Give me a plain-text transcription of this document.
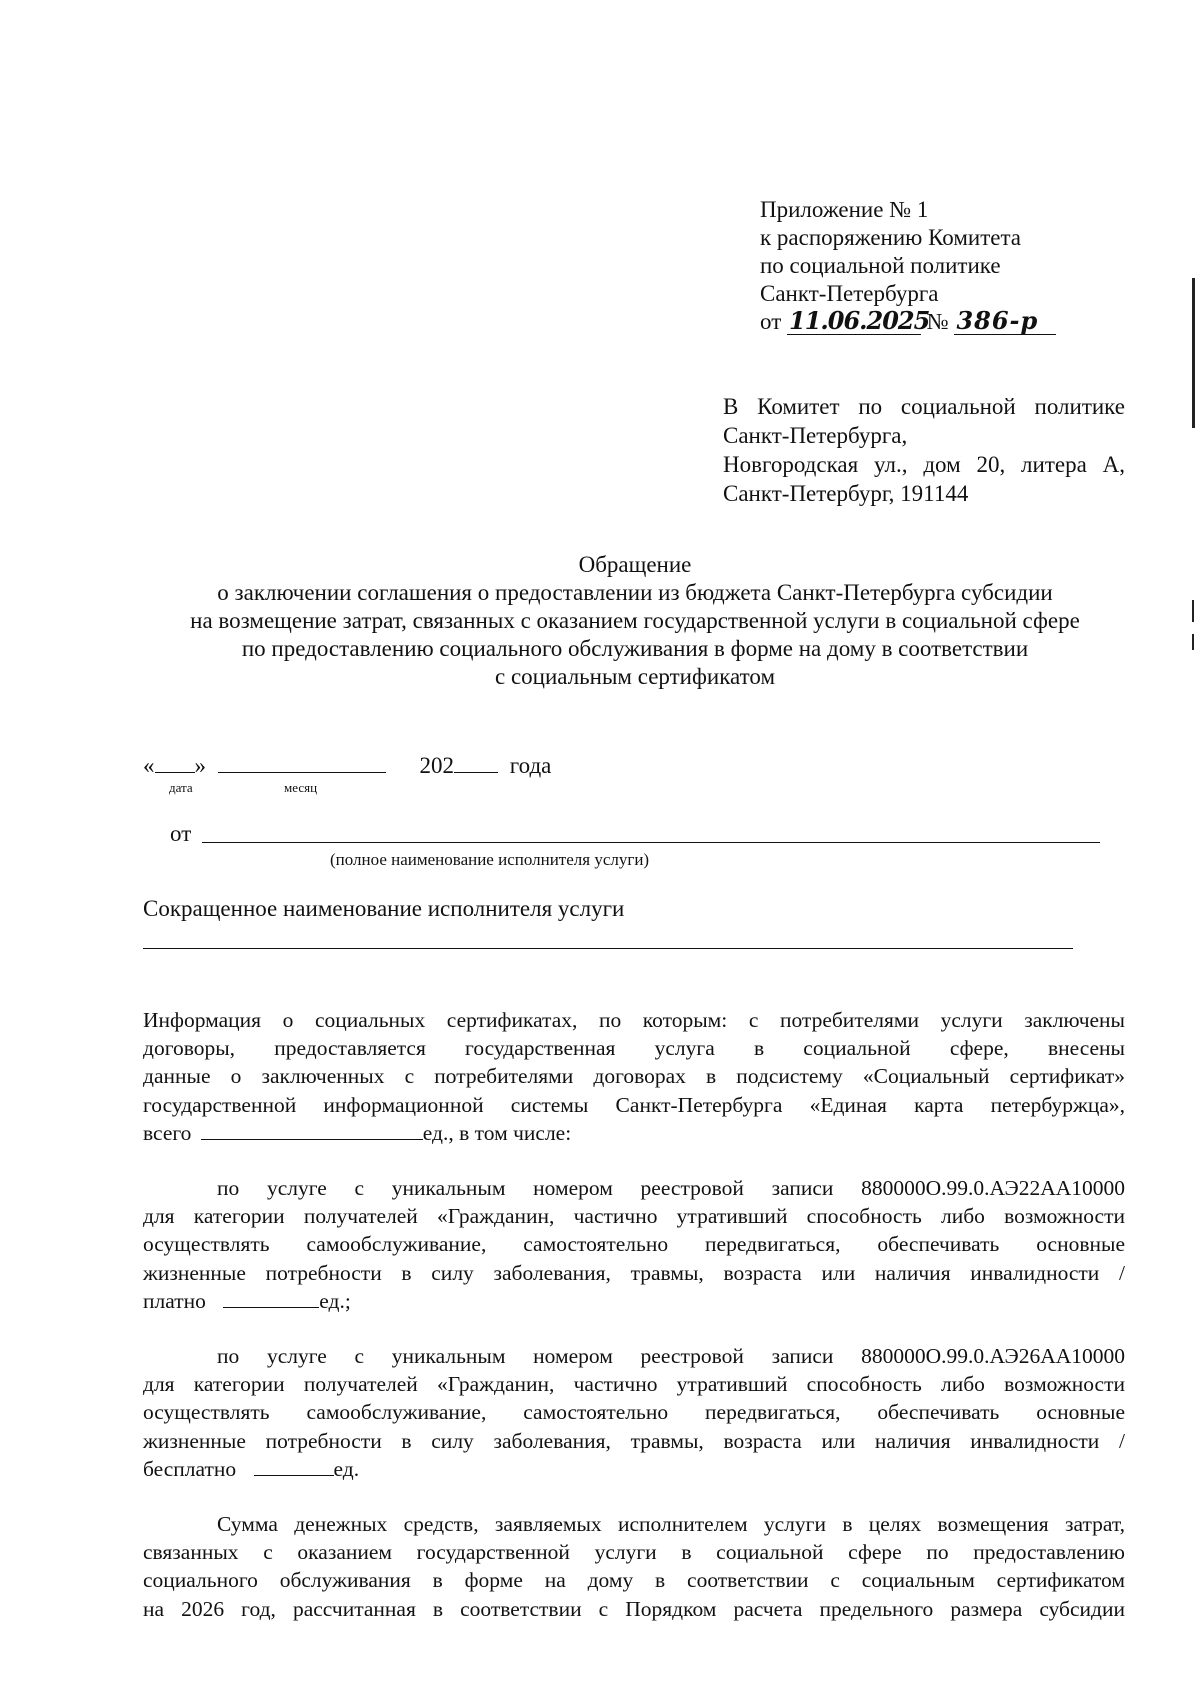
Приложение № 1
к распоряжению Комитета
по социальной политике
Санкт-Петербурга
от 11.06.2025 № 386-р
В Комитет по социальной политике
Санкт-Петербурга,
Новгородская ул., дом 20, литера А,
Санкт-Петербург, 191144
Обращение
о заключении соглашения о предоставлении из бюджета Санкт-Петербурга субсидии
на возмещение затрат, связанных с оказанием государственной услуги в социальной сфере
по предоставлению социального обслуживания в форме на дому в соответствии
с социальным сертификатом
« »	202 года
дата	месяц
от
(полное наименование исполнителя услуги)
Сокращенное наименование исполнителя услуги
Информация о социальных сертификатах, по которым: с потребителями услуги заключены
договоры, предоставляется государственная услуга в социальной сфере, внесены
данные о заключенных с потребителями договорах в подсистему «Социальный сертификат»
государственной информационной системы Санкт-Петербурга «Единая карта петербуржца»,
всего	ед., в том числе:
по услуге с уникальным номером реестровой записи 880000О.99.0.АЭ22АА10000
для категории получателей «Гражданин, частично утративший способность либо возможности
осуществлять самообслуживание, самостоятельно передвигаться, обеспечивать основные
жизненные потребности в силу заболевания, травмы, возраста или наличия инвалидности /
платно	ед.;
по услуге с уникальным номером реестровой записи 880000О.99.0.АЭ26АА10000
для категории получателей «Гражданин, частично утративший способность либо возможности
осуществлять самообслуживание, самостоятельно передвигаться, обеспечивать основные
жизненные потребности в силу заболевания, травмы, возраста или наличия инвалидности /
бесплатно	ед.
Сумма денежных средств, заявляемых исполнителем услуги в целях возмещения затрат,
связанных с оказанием государственной услуги в социальной сфере по предоставлению
социального обслуживания в форме на дому в соответствии с социальным сертификатом
на 2026 год, рассчитанная в соответствии с Порядком расчета предельного размера субсидии
